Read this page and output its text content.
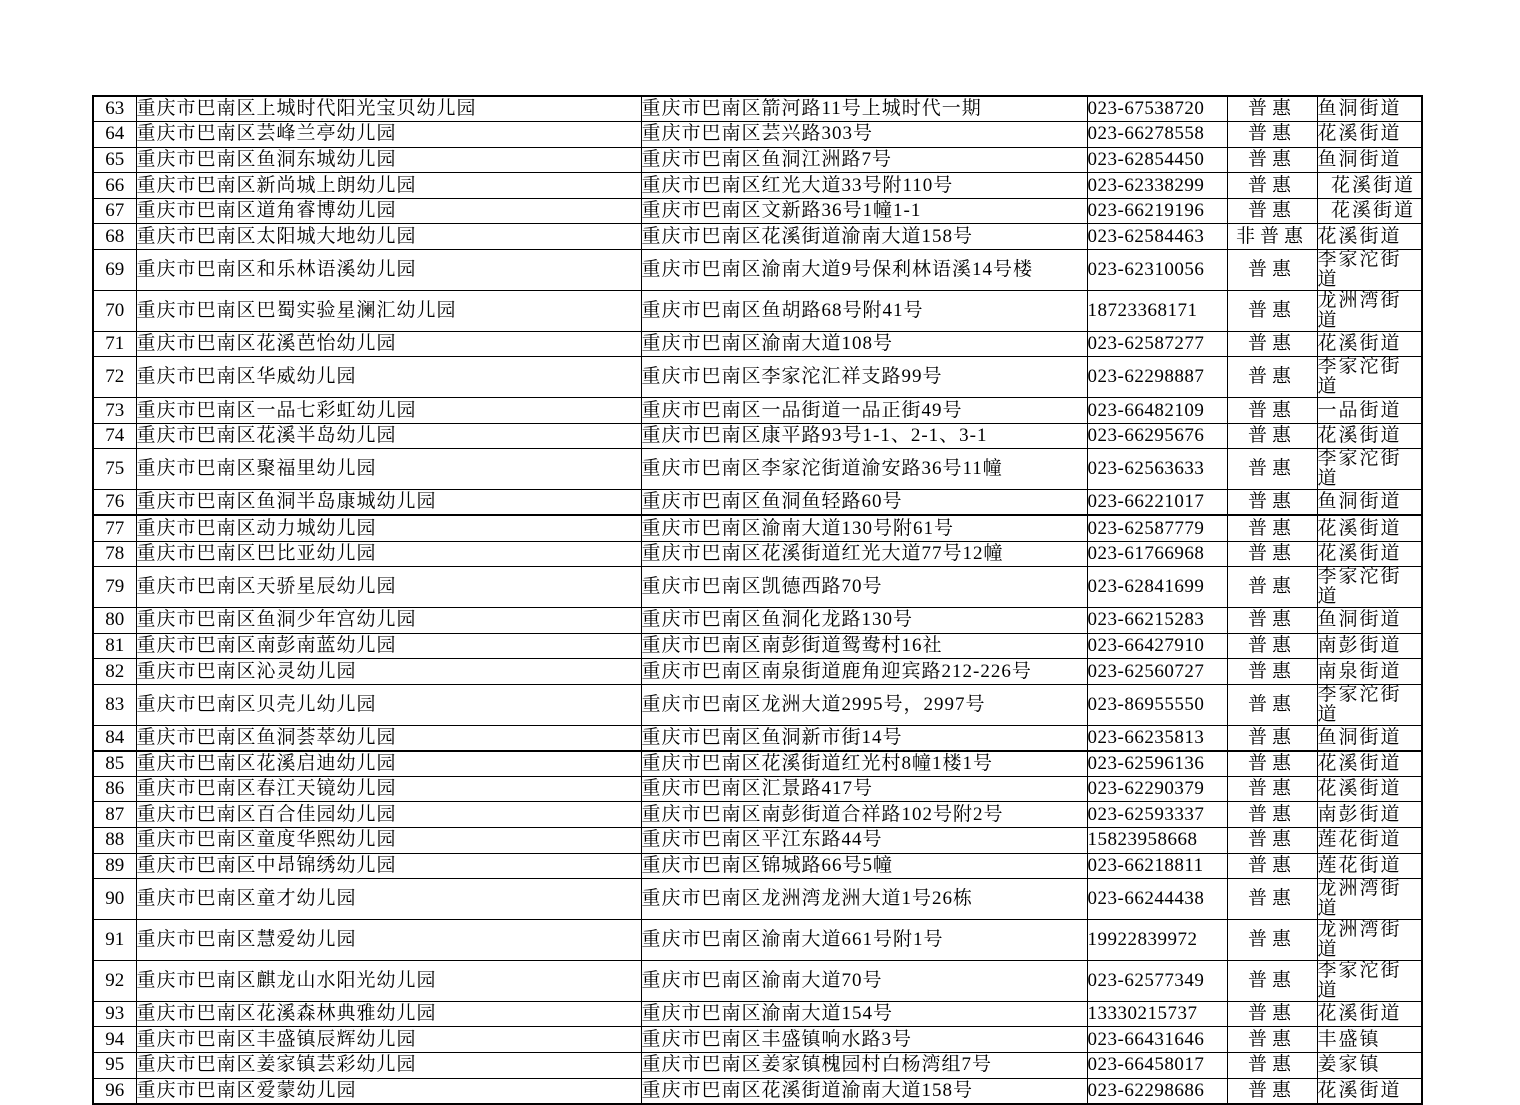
63	重庆市巴南区上城时代阳光宝贝幼儿园	重庆市巴南区箭河路11号上城时代一期	023-67538720	普惠	鱼洞街道
64	重庆市巴南区芸峰兰亭幼儿园	重庆市巴南区芸兴路303号	023-66278558	普惠	花溪街道
65	重庆市巴南区鱼洞东城幼儿园	重庆市巴南区鱼洞江洲路7号	023-62854450	普惠	鱼洞街道
66	重庆市巴南区新尚城上朗幼儿园	重庆市巴南区红光大道33号附110号	023-62338299	普惠	花溪街道
67	重庆市巴南区道角睿博幼儿园	重庆市巴南区文新路36号1幢1-1	023-66219196	普惠	花溪街道
68	重庆市巴南区太阳城大地幼儿园	重庆市巴南区花溪街道渝南大道158号	023-62584463	非普惠	花溪街道
69	重庆市巴南区和乐林语溪幼儿园	重庆市巴南区渝南大道9号保利林语溪14号楼	023-62310056	普惠	李家沱街道
70	重庆市巴南区巴蜀实验星澜汇幼儿园	重庆市巴南区鱼胡路68号附41号	18723368171	普惠	龙洲湾街道
71	重庆市巴南区花溪芭怡幼儿园	重庆市巴南区渝南大道108号	023-62587277	普惠	花溪街道
72	重庆市巴南区华威幼儿园	重庆市巴南区李家沱汇祥支路99号	023-62298887	普惠	李家沱街道
73	重庆市巴南区一品七彩虹幼儿园	重庆市巴南区一品街道一品正街49号	023-66482109	普惠	一品街道
74	重庆市巴南区花溪半岛幼儿园	重庆市巴南区康平路93号1-1、2-1、3-1	023-66295676	普惠	花溪街道
75	重庆市巴南区聚福里幼儿园	重庆市巴南区李家沱街道渝安路36号11幢	023-62563633	普惠	李家沱街道
76	重庆市巴南区鱼洞半岛康城幼儿园	重庆市巴南区鱼洞鱼轻路60号	023-66221017	普惠	鱼洞街道
77	重庆市巴南区动力城幼儿园	重庆市巴南区渝南大道130号附61号	023-62587779	普惠	花溪街道
78	重庆市巴南区巴比亚幼儿园	重庆市巴南区花溪街道红光大道77号12幢	023-61766968	普惠	花溪街道
79	重庆市巴南区天骄星辰幼儿园	重庆市巴南区凯德西路70号	023-62841699	普惠	李家沱街道
80	重庆市巴南区鱼洞少年宫幼儿园	重庆市巴南区鱼洞化龙路130号	023-66215283	普惠	鱼洞街道
81	重庆市巴南区南彭南蓝幼儿园	重庆市巴南区南彭街道鸳鸯村16社	023-66427910	普惠	南彭街道
82	重庆市巴南区沁灵幼儿园	重庆市巴南区南泉街道鹿角迎宾路212-226号	023-62560727	普惠	南泉街道
83	重庆市巴南区贝壳儿幼儿园	重庆市巴南区龙洲大道2995号，2997号	023-86955550	普惠	李家沱街道
84	重庆市巴南区鱼洞荟萃幼儿园	重庆市巴南区鱼洞新市街14号	023-66235813	普惠	鱼洞街道
85	重庆市巴南区花溪启迪幼儿园	重庆市巴南区花溪街道红光村8幢1楼1号	023-62596136	普惠	花溪街道
86	重庆市巴南区春江天镜幼儿园	重庆市巴南区汇景路417号	023-62290379	普惠	花溪街道
87	重庆市巴南区百合佳园幼儿园	重庆市巴南区南彭街道合祥路102号附2号	023-62593337	普惠	南彭街道
88	重庆市巴南区童度华熙幼儿园	重庆市巴南区平江东路44号	15823958668	普惠	莲花街道
89	重庆市巴南区中昂锦绣幼儿园	重庆市巴南区锦城路66号5幢	023-66218811	普惠	莲花街道
90	重庆市巴南区童才幼儿园	重庆市巴南区龙洲湾龙洲大道1号26栋	023-66244438	普惠	龙洲湾街道
91	重庆市巴南区慧爱幼儿园	重庆市巴南区渝南大道661号附1号	19922839972	普惠	龙洲湾街道
92	重庆市巴南区麒龙山水阳光幼儿园	重庆市巴南区渝南大道70号	023-62577349	普惠	李家沱街道
93	重庆市巴南区花溪森林典雅幼儿园	重庆市巴南区渝南大道154号	13330215737	普惠	花溪街道
94	重庆市巴南区丰盛镇辰辉幼儿园	重庆市巴南区丰盛镇响水路3号	023-66431646	普惠	丰盛镇
95	重庆市巴南区姜家镇芸彩幼儿园	重庆市巴南区姜家镇槐园村白杨湾组7号	023-66458017	普惠	姜家镇
96	重庆市巴南区爱蒙幼儿园	重庆市巴南区花溪街道渝南大道158号	023-62298686	普惠	花溪街道
